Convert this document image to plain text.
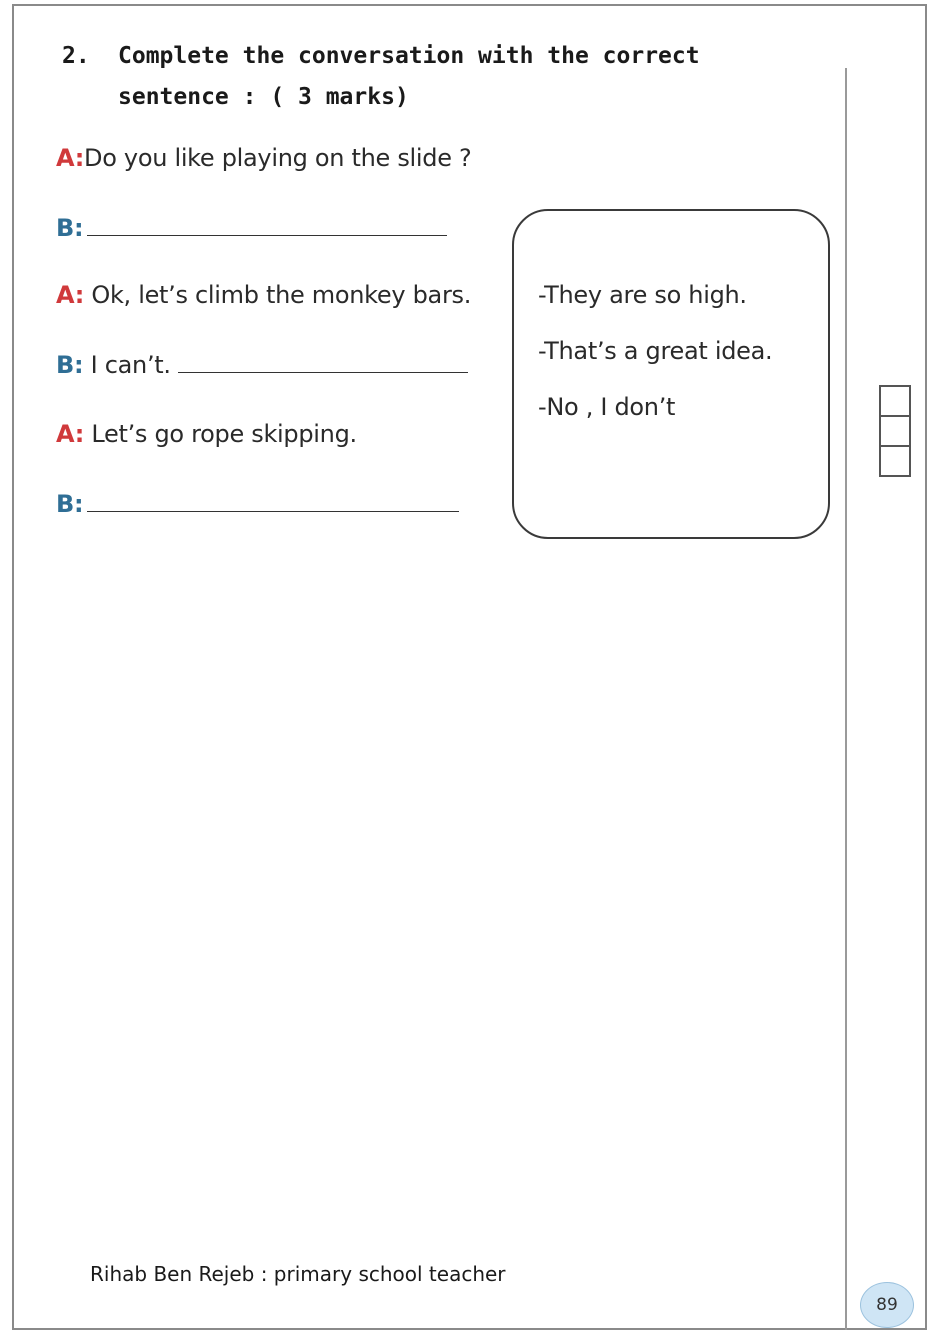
2. Complete the conversation with the correct
sentence : ( 3 marks)
A:Do you like playing on the slide ?
B:
A: Ok, let’s climb the monkey bars.
B: I can’t.
A: Let’s go rope skipping.
B:
-They are so high.
-That’s a great idea.
-No , I don’t
Rihab Ben Rejeb : primary school teacher
89
